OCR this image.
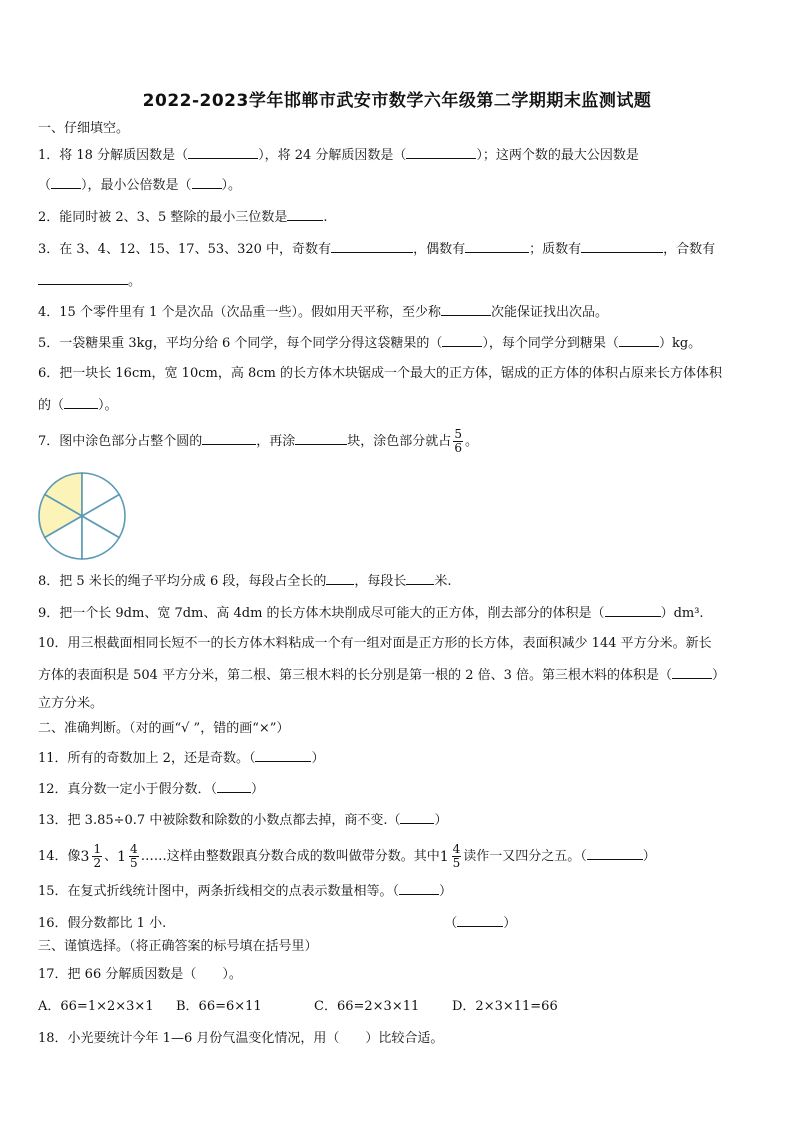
2022-2023学年邯郸市武安市数学六年级第二学期期末监测试题
一、仔细填空。
1．将 18 分解质因数是（	），将 24 分解质因数是（	）；这两个数的最大公因数是
（ ），最小公倍数是（ ）。
2．能同时被 2、3、5 整除的最小三位数是	.
3．在 3、4、12、15、17、53、320 中，奇数有	，偶数有	；质数有	，合数有
。
4．15 个零件里有 1 个是次品（次品重一些）。假如用天平称，至少称	次能保证找出次品。
5．一袋糖果重 3kg，平均分给 6 个同学，每个同学分得这袋糖果的（	），每个同学分到糖果（	）kg。
6．把一块长 16cm，宽 10cm，高 8cm 的长方体木块锯成一个最大的正方体，锯成的正方体的体积占原来长方体体积
的（	）。
7．图中涂色部分占整个圆的	，再涂	块，涂色部分就占 $\frac{5}{6}$ 。
8．把 5 米长的绳子平均分成 6 段，每段占全长的 ，每段长 米.
9．把一个长 9dm、宽 7dm、高 4dm 的长方体木块削成尽可能大的正方体，削去部分的体积是（	）dm³.
10．用三根截面相同长短不一的长方体木料粘成一个有一组对面是正方形的长方体，表面积减少 144 平方分米。新长
方体的表面积是 504 平方分米，第二根、第三根木料的长分别是第一根的 2 倍、3 倍。第三根木料的体积是（	）
立方分米。
二、准确判断。（对的画“√ ”，错的画“×”）
11．所有的奇数加上 2，还是奇数。（	）
12．真分数一定小于假分数．（	）
13．把 3.85÷0.7 中被除数和除数的小数点都去掉，商不变.（	）
14．像 $3 \frac{1}{2}$ 、 $1 \frac{4}{5}$ ……这样由整数跟真分数合成的数叫做带分数。其中 $1 \frac{4}{5}$ 读作一又四分之五。（	）
15．在复式折线统计图中，两条折线相交的点表示数量相等。（	）
16．假分数都比 1 小.	（	）
三、谨慎选择。（将正确答案的标号填在括号里）
17．把 66 分解质因数是（　　）。
A．66=1×2×3×1 B．66=6×11	C．66=2×3×11	D．2×3×11=66
18．小光要统计今年 1—6 月份气温变化情况，用（　　）比较合适。
